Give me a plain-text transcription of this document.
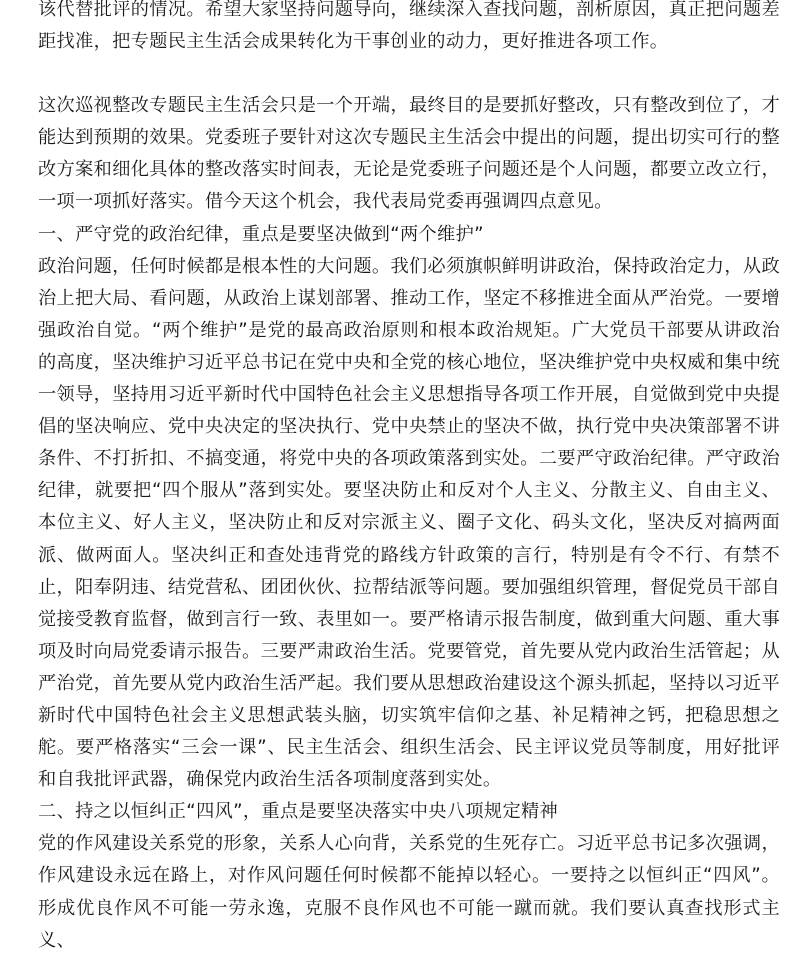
该代替批评的情况。希望大家坚持问题导向，继续深入查找问题，剖析原因，真正把问题差距找准，把专题民主生活会成果转化为干事创业的动力，更好推进各项工作。

这次巡视整改专题民主生活会只是一个开端，最终目的是要抓好整改，只有整改到位了，才能达到预期的效果。党委班子要针对这次专题民主生活会中提出的问题，提出切实可行的整改方案和细化具体的整改落实时间表，无论是党委班子问题还是个人问题，都要立改立行，一项一项抓好落实。借今天这个机会，我代表局党委再强调四点意见。

一、严守党的政治纪律，重点是要坚决做到“两个维护”

政治问题，任何时候都是根本性的大问题。我们必须旗帜鲜明讲政治，保持政治定力，从政治上把大局、看问题，从政治上谋划部署、推动工作，坚定不移推进全面从严治党。一要增强政治自觉。“两个维护”是党的最高政治原则和根本政治规矩。广大党员干部要从讲政治的高度，坚决维护习近平总书记在党中央和全党的核心地位，坚决维护党中央权威和集中统一领导，坚持用习近平新时代中国特色社会主义思想指导各项工作开展，自觉做到党中央提倡的坚决响应、党中央决定的坚决执行、党中央禁止的坚决不做，执行党中央决策部署不讲条件、不打折扣、不搞变通，将党中央的各项政策落到实处。二要严守政治纪律。严守政治纪律，就要把“四个服从”落到实处。要坚决防止和反对个人主义、分散主义、自由主义、本位主义、好人主义，坚决防止和反对宗派主义、圈子文化、码头文化，坚决反对搞两面派、做两面人。坚决纠正和查处违背党的路线方针政策的言行，特别是有令不行、有禁不止，阳奉阴违、结党营私、团团伙伙、拉帮结派等问题。要加强组织管理，督促党员干部自觉接受教育监督，做到言行一致、表里如一。要严格请示报告制度，做到重大问题、重大事项及时向局党委请示报告。三要严肃政治生活。党要管党，首先要从党内政治生活管起；从严治党，首先要从党内政治生活严起。我们要从思想政治建设这个源头抓起，坚持以习近平新时代中国特色社会主义思想武装头脑，切实筑牢信仰之基、补足精神之钙，把稳思想之舵。要严格落实“三会一课”、民主生活会、组织生活会、民主评议党员等制度，用好批评和自我批评武器，确保党内政治生活各项制度落到实处。

二、持之以恒纠正“四风”，重点是要坚决落实中央八项规定精神

党的作风建设关系党的形象，关系人心向背，关系党的生死存亡。习近平总书记多次强调，作风建设永远在路上，对作风问题任何时候都不能掉以轻心。一要持之以恒纠正“四风”。形成优良作风不可能一劳永逸，克服不良作风也不可能一蹴而就。我们要认真查找形式主义、
